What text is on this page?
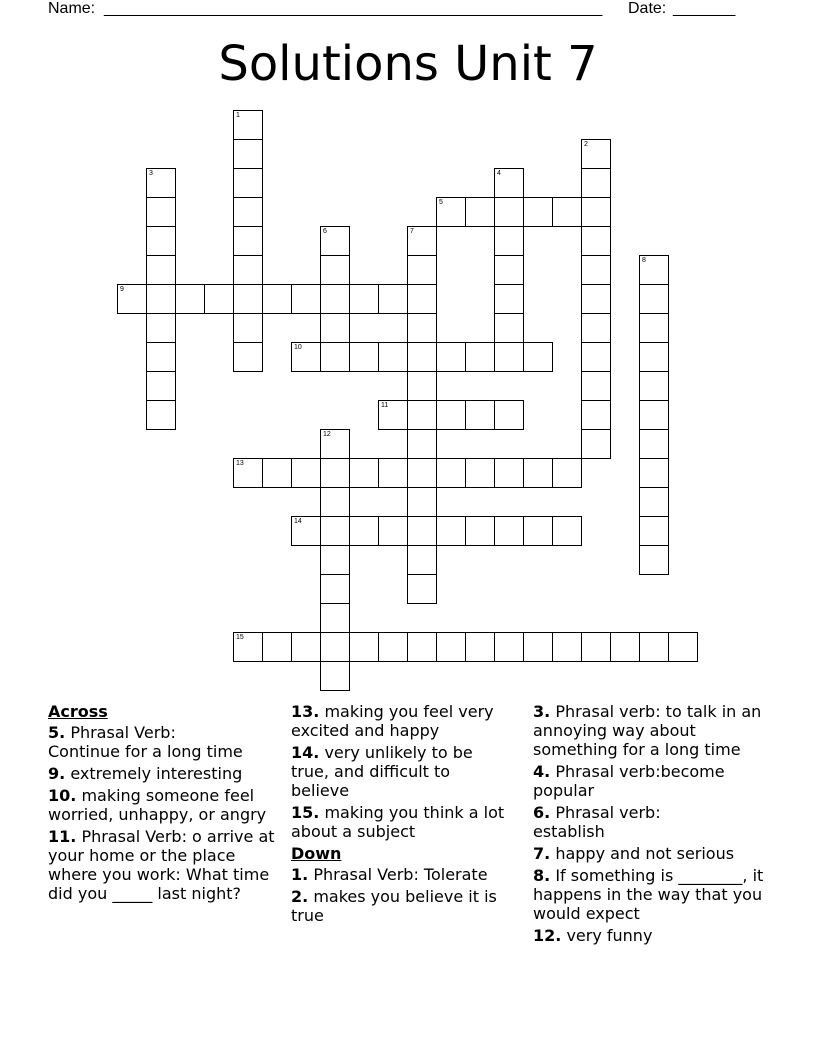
Name: ________________________________________________________ Date: _______
Solutions Unit 7
1
2
3	4
5
6	7
8
9
10
11
12
13
14
15
Across
5. Phrasal Verb:
Continue for a long time
9. extremely interesting
10. making someone feel worried, unhappy, or angry
11. Phrasal Verb: o arrive at your home or the place where you work: What time did you _____ last night?
13. making you feel very excited and happy
14. very unlikely to be true, and difficult to believe
15. making you think a lot about a subject
Down
1. Phrasal Verb: Tolerate
2. makes you believe it is true
3. Phrasal verb: to talk in an annoying way about something for a long time
4. Phrasal verb:become popular
6. Phrasal verb:
establish
7. happy and not serious
8. If something is ________, it happens in the way that you would expect
12. very funny
